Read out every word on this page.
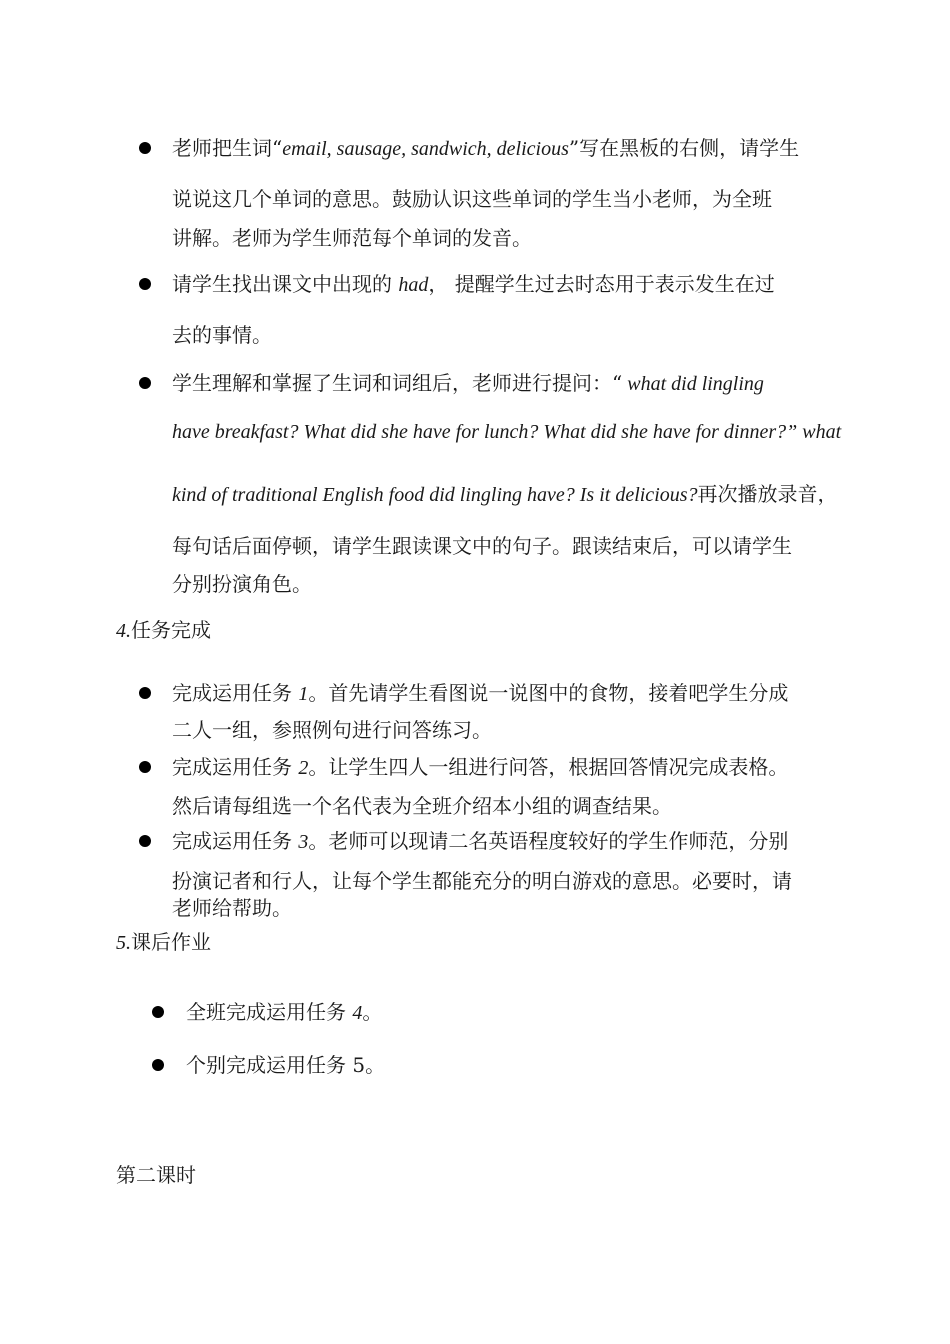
老师把生词“email, sausage, sandwich, delicious”写在黑板的右侧，请学生
说说这几个单词的意思。鼓励认识这些单词的学生当小老师，为全班
讲解。老师为学生师范每个单词的发音。
请学生找出课文中出现的 had， 提醒学生过去时态用于表示发生在过
去的事情。
学生理解和掌握了生词和词组后，老师进行提问：“ what did lingling
have breakfast? What did she have for lunch? What did she have for dinner?” what
kind of traditional English food did lingling have? Is it delicious?再次播放录音，
每句话后面停顿，请学生跟读课文中的句子。跟读结束后，可以请学生
分别扮演角色。
4.任务完成
完成运用任务 1。首先请学生看图说一说图中的食物，接着吧学生分成
二人一组，参照例句进行问答练习。
完成运用任务 2。让学生四人一组进行问答，根据回答情况完成表格。
然后请每组选一个名代表为全班介绍本小组的调查结果。
完成运用任务 3。老师可以现请二名英语程度较好的学生作师范，分别
扮演记者和行人，让每个学生都能充分的明白游戏的意思。必要时，请
老师给帮助。
5.课后作业
全班完成运用任务 4。
个别完成运用任务 5。
第二课时
